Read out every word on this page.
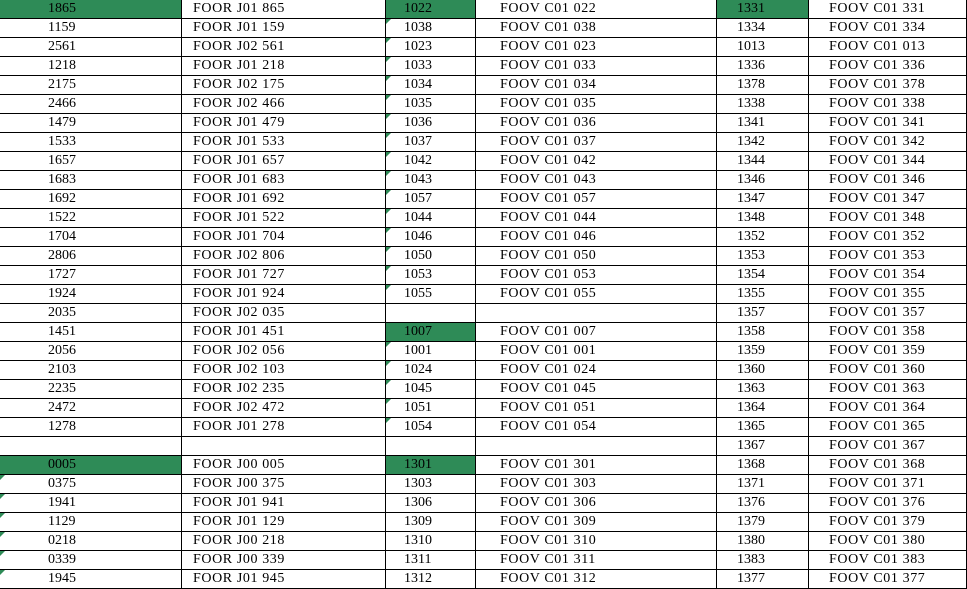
1865	FOOR J01 865	1022	FOOV C01 022	1331	FOOV C01 331
1159	FOOR J01 159	1038	FOOV C01 038	1334	FOOV C01 334
2561	FOOR J02 561	1023	FOOV C01 023	1013	FOOV C01 013
1218	FOOR J01 218	1033	FOOV C01 033	1336	FOOV C01 336
2175	FOOR J02 175	1034	FOOV C01 034	1378	FOOV C01 378
2466	FOOR J02 466	1035	FOOV C01 035	1338	FOOV C01 338
1479	FOOR J01 479	1036	FOOV C01 036	1341	FOOV C01 341
1533	FOOR J01 533	1037	FOOV C01 037	1342	FOOV C01 342
1657	FOOR J01 657	1042	FOOV C01 042	1344	FOOV C01 344
1683	FOOR J01 683	1043	FOOV C01 043	1346	FOOV C01 346
1692	FOOR J01 692	1057	FOOV C01 057	1347	FOOV C01 347
1522	FOOR J01 522	1044	FOOV C01 044	1348	FOOV C01 348
1704	FOOR J01 704	1046	FOOV C01 046	1352	FOOV C01 352
2806	FOOR J02 806	1050	FOOV C01 050	1353	FOOV C01 353
1727	FOOR J01 727	1053	FOOV C01 053	1354	FOOV C01 354
1924	FOOR J01 924	1055	FOOV C01 055	1355	FOOV C01 355
2035	FOOR J02 035			1357	FOOV C01 357
1451	FOOR J01 451	1007	FOOV C01 007	1358	FOOV C01 358
2056	FOOR J02 056	1001	FOOV C01 001	1359	FOOV C01 359
2103	FOOR J02 103	1024	FOOV C01 024	1360	FOOV C01 360
2235	FOOR J02 235	1045	FOOV C01 045	1363	FOOV C01 363
2472	FOOR J02 472	1051	FOOV C01 051	1364	FOOV C01 364
1278	FOOR J01 278	1054	FOOV C01 054	1365	FOOV C01 365
				1367	FOOV C01 367
0005	FOOR J00 005	1301	FOOV C01 301	1368	FOOV C01 368
0375	FOOR J00 375	1303	FOOV C01 303	1371	FOOV C01 371
1941	FOOR J01 941	1306	FOOV C01 306	1376	FOOV C01 376
1129	FOOR J01 129	1309	FOOV C01 309	1379	FOOV C01 379
0218	FOOR J00 218	1310	FOOV C01 310	1380	FOOV C01 380
0339	FOOR J00 339	1311	FOOV C01 311	1383	FOOV C01 383
1945	FOOR J01 945	1312	FOOV C01 312	1377	FOOV C01 377
